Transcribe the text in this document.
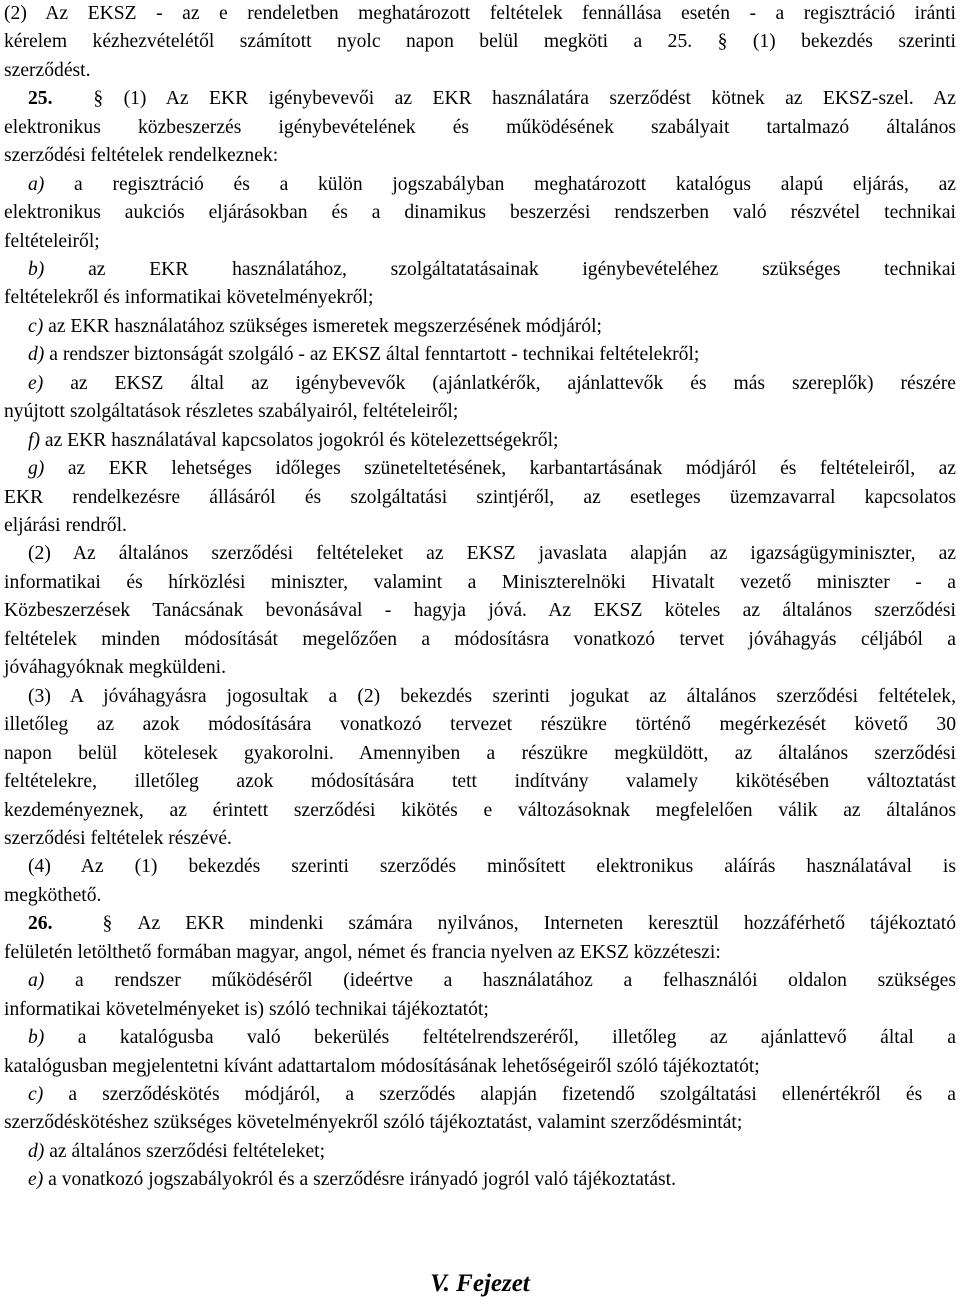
(2) Az EKSZ - az e rendeletben meghatározott feltételek fennállása esetén - a regisztráció iránti
kérelem kézhezvételétől számított nyolc napon belül megköti a 25. § (1) bekezdés szerinti
szerződést.
25. § (1) Az EKR igénybevevői az EKR használatára szerződést kötnek az EKSZ-szel. Az
elektronikus közbeszerzés igénybevételének és működésének szabályait tartalmazó általános
szerződési feltételek rendelkeznek:
a) a regisztráció és a külön jogszabályban meghatározott katalógus alapú eljárás, az
elektronikus aukciós eljárásokban és a dinamikus beszerzési rendszerben való részvétel technikai
feltételeiről;
b) az EKR használatához, szolgáltatatásainak igénybevételéhez szükséges technikai
feltételekről és informatikai követelményekről;
c) az EKR használatához szükséges ismeretek megszerzésének módjáról;
d) a rendszer biztonságát szolgáló - az EKSZ által fenntartott - technikai feltételekről;
e) az EKSZ által az igénybevevők (ajánlatkérők, ajánlattevők és más szereplők) részére
nyújtott szolgáltatások részletes szabályairól, feltételeiről;
f) az EKR használatával kapcsolatos jogokról és kötelezettségekről;
g) az EKR lehetséges időleges szüneteltetésének, karbantartásának módjáról és feltételeiről, az
EKR rendelkezésre állásáról és szolgáltatási szintjéről, az esetleges üzemzavarral kapcsolatos
eljárási rendről.
(2) Az általános szerződési feltételeket az EKSZ javaslata alapján az igazságügyminiszter, az
informatikai és hírközlési miniszter, valamint a Miniszterelnöki Hivatalt vezető miniszter - a
Közbeszerzések Tanácsának bevonásával - hagyja jóvá. Az EKSZ köteles az általános szerződési
feltételek minden módosítását megelőzően a módosításra vonatkozó tervet jóváhagyás céljából a
jóváhagyóknak megküldeni.
(3) A jóváhagyásra jogosultak a (2) bekezdés szerinti jogukat az általános szerződési feltételek,
illetőleg az azok módosítására vonatkozó tervezet részükre történő megérkezését követő 30
napon belül kötelesek gyakorolni. Amennyiben a részükre megküldött, az általános szerződési
feltételekre, illetőleg azok módosítására tett indítvány valamely kikötésében változtatást
kezdeményeznek, az érintett szerződési kikötés e változásoknak megfelelően válik az általános
szerződési feltételek részévé.
(4) Az (1) bekezdés szerinti szerződés minősített elektronikus aláírás használatával is
megköthető.
26.	§ Az EKR mindenki számára nyilvános, Interneten keresztül hozzáférhető tájékoztató
felületén letölthető formában magyar, angol, német és francia nyelven az EKSZ közzéteszi:
a) a rendszer működéséről (ideértve a használatához a felhasználói oldalon szükséges
informatikai követelményeket is) szóló technikai tájékoztatót;
b) a katalógusba való bekerülés feltételrendszeréről, illetőleg az ajánlattevő által a
katalógusban megjelentetni kívánt adattartalom módosításának lehetőségeiről szóló tájékoztatót;
c) a szerződéskötés módjáról, a szerződés alapján fizetendő szolgáltatási ellenértékről és a
szerződéskötéshez szükséges követelményekről szóló tájékoztatást, valamint szerződésmintát;
d) az általános szerződési feltételeket;
e) a vonatkozó jogszabályokról és a szerződésre irányadó jogról való tájékoztatást.
V. Fejezet
